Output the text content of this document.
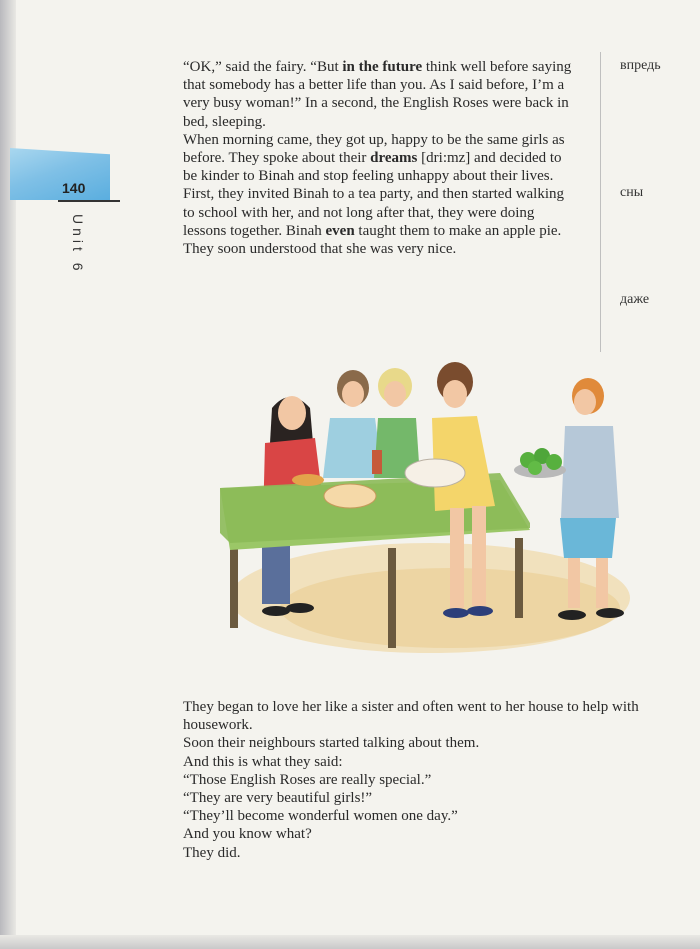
140
Unit 6

“OK,” said the fairy. “But in the future think well before saying that somebody has a better life than you. As I said before, I’m a very busy woman!” In a second, the English Roses were back in bed, sleeping.

When morning came, they got up, happy to be the same girls as before. They spoke about their dreams [dri:mz] and decided to be kinder to Binah and stop feeling unhappy about their lives.

First, they invited Binah to a tea party, and then started walking to school with her, and not long after that, they were doing lessons together. Binah even taught them to make an apple pie. They soon understood that she was very nice.

впредь
сны
даже

They began to love her like a sister and often went to her house to help with housework.

Soon their neighbours started talking about them.

And this is what they said:

“Those English Roses are really special.”

“They are very beautiful girls!”

“They’ll become wonderful women one day.”

And you know what?

They did.
